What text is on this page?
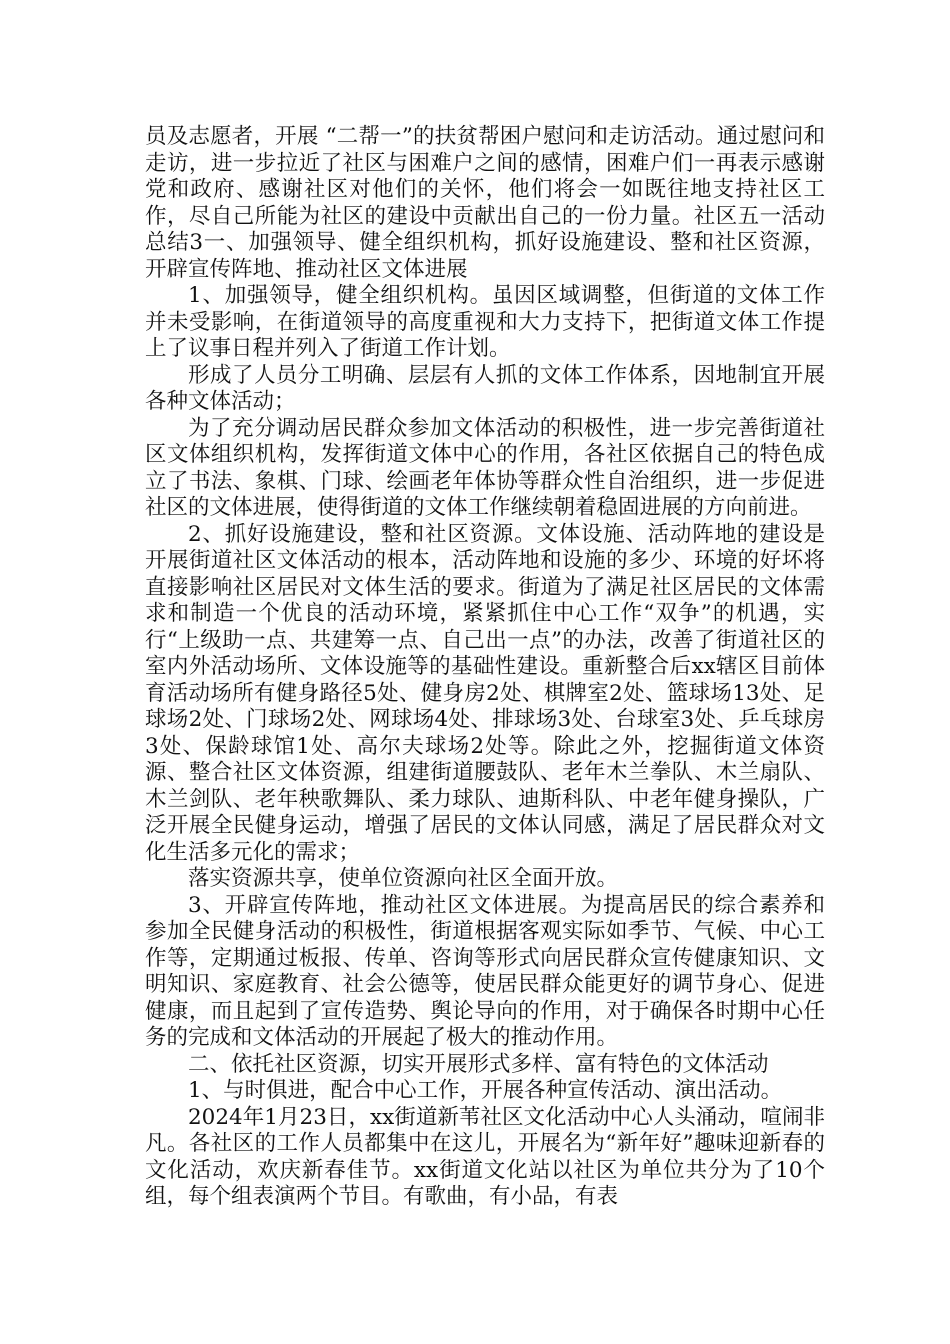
员及志愿者，开展 “二帮一”的扶贫帮困户慰问和走访活动。通过慰问和走访，进一步拉近了社区与困难户之间的感情，困难户们一再表示感谢党和政府、感谢社区对他们的关怀，他们将会一如既往地支持社区工作，尽自己所能为社区的建设中贡献出自己的一份力量。社区五一活动总结3一、加强领导、健全组织机构，抓好设施建设、整和社区资源，开辟宣传阵地、推动社区文体进展

1、加强领导，健全组织机构。虽因区域调整，但街道的文体工作并未受影响，在街道领导的高度重视和大力支持下，把街道文体工作提上了议事日程并列入了街道工作计划。

形成了人员分工明确、层层有人抓的文体工作体系，因地制宜开展各种文体活动；

为了充分调动居民群众参加文体活动的积极性，进一步完善街道社区文体组织机构，发挥街道文体中心的作用，各社区依据自己的特色成立了书法、象棋、门球、绘画老年体协等群众性自治组织，进一步促进社区的文体进展，使得街道的文体工作继续朝着稳固进展的方向前进。

2、抓好设施建设，整和社区资源。文体设施、活动阵地的建设是开展街道社区文体活动的根本，活动阵地和设施的多少、环境的好坏将直接影响社区居民对文体生活的要求。街道为了满足社区居民的文体需求和制造一个优良的活动环境，紧紧抓住中心工作“双争”的机遇，实行“上级助一点、共建筹一点、自己出一点”的办法，改善了街道社区的室内外活动场所、文体设施等的基础性建设。重新整合后xx辖区目前体育活动场所有健身路径5处、健身房2处、棋牌室2处、篮球场13处、足球场2处、门球场2处、网球场4处、排球场3处、台球室3处、乒乓球房3处、保龄球馆1处、高尔夫球场2处等。除此之外，挖掘街道文体资源、整合社区文体资源，组建街道腰鼓队、老年木兰拳队、木兰扇队、木兰剑队、老年秧歌舞队、柔力球队、迪斯科队、中老年健身操队，广泛开展全民健身运动，增强了居民的文体认同感，满足了居民群众对文化生活多元化的需求；

落实资源共享，使单位资源向社区全面开放。

3、开辟宣传阵地，推动社区文体进展。为提高居民的综合素养和参加全民健身活动的积极性，街道根据客观实际如季节、气候、中心工作等，定期通过板报、传单、咨询等形式向居民群众宣传健康知识、文明知识、家庭教育、社会公德等，使居民群众能更好的调节身心、促进健康，而且起到了宣传造势、舆论导向的作用，对于确保各时期中心任务的完成和文体活动的开展起了极大的推动作用。

二、依托社区资源，切实开展形式多样、富有特色的文体活动

1、与时俱进，配合中心工作，开展各种宣传活动、演出活动。

2024年1月23日，xx街道新苇社区文化活动中心人头涌动，喧闹非凡。各社区的工作人员都集中在这儿，开展名为“新年好”趣味迎新春的文化活动，欢庆新春佳节。xx街道文化站以社区为单位共分为了10个组，每个组表演两个节目。有歌曲，有小品，有表
